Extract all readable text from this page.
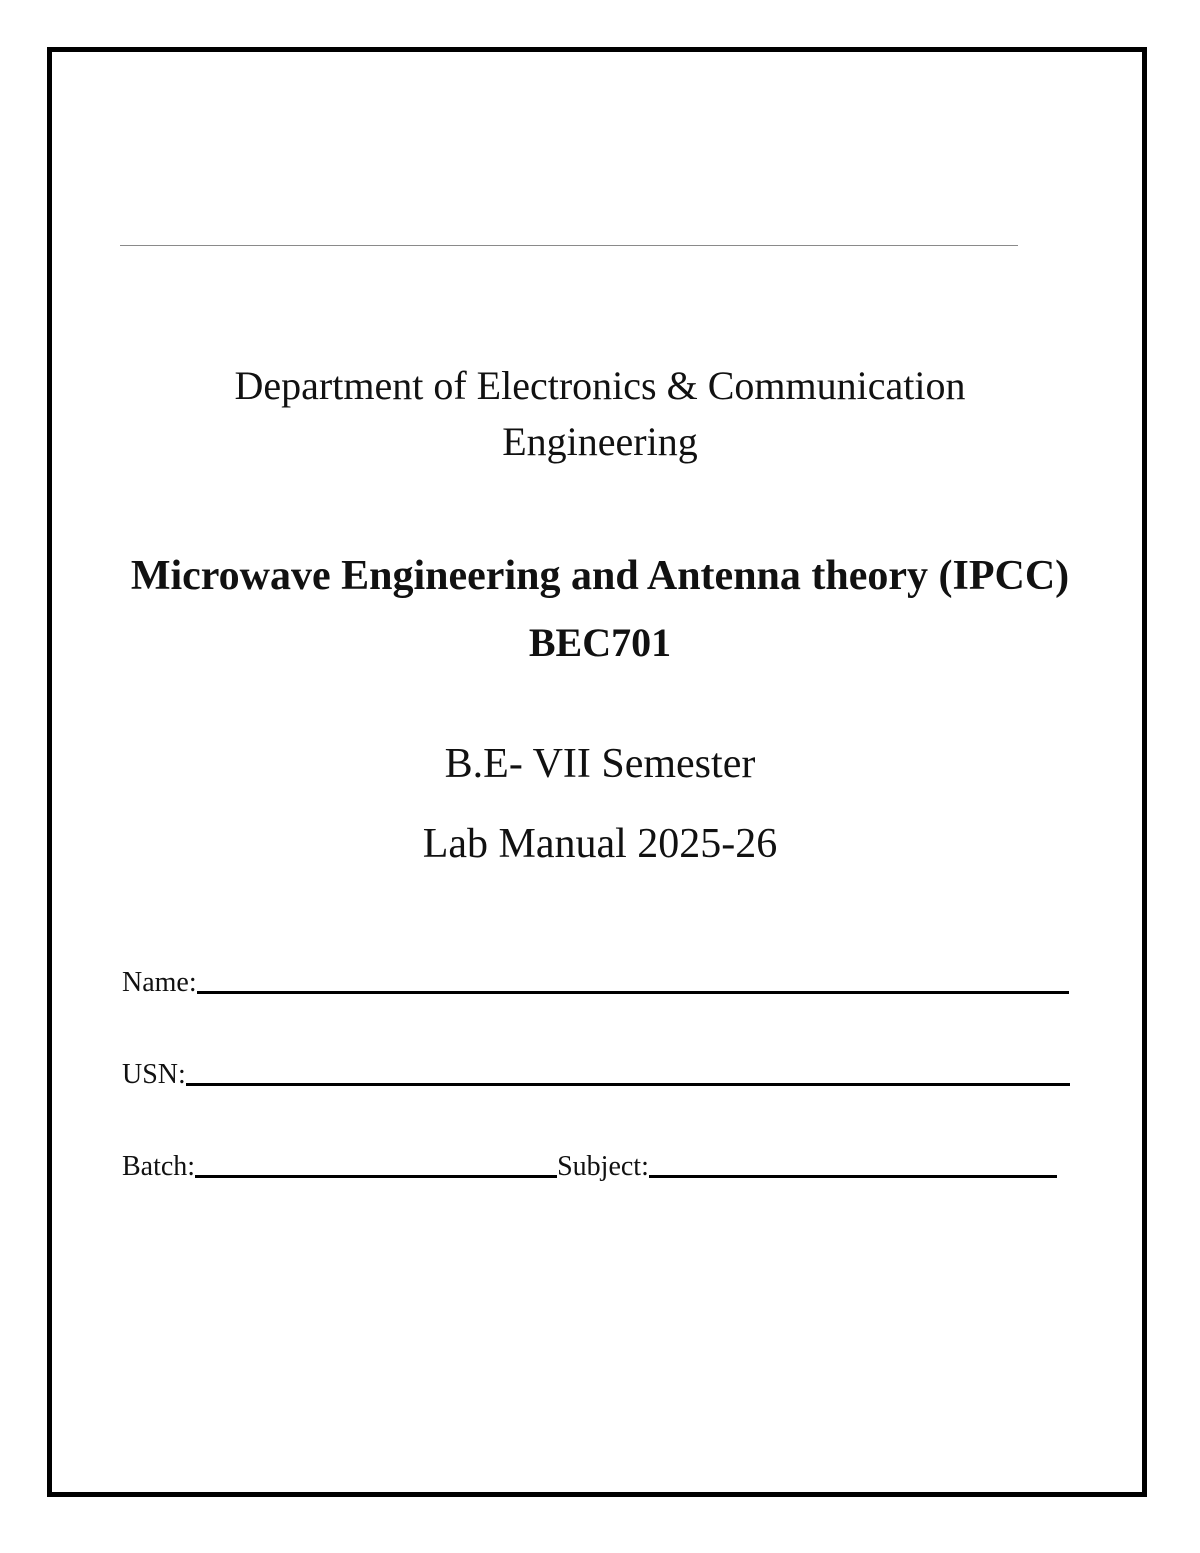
Department of Electronics & Communication
Engineering
Microwave Engineering and Antenna theory (IPCC)
BEC701
B.E- VII Semester
Lab Manual 2025-26
Name:
USN:
Batch:	Subject:
